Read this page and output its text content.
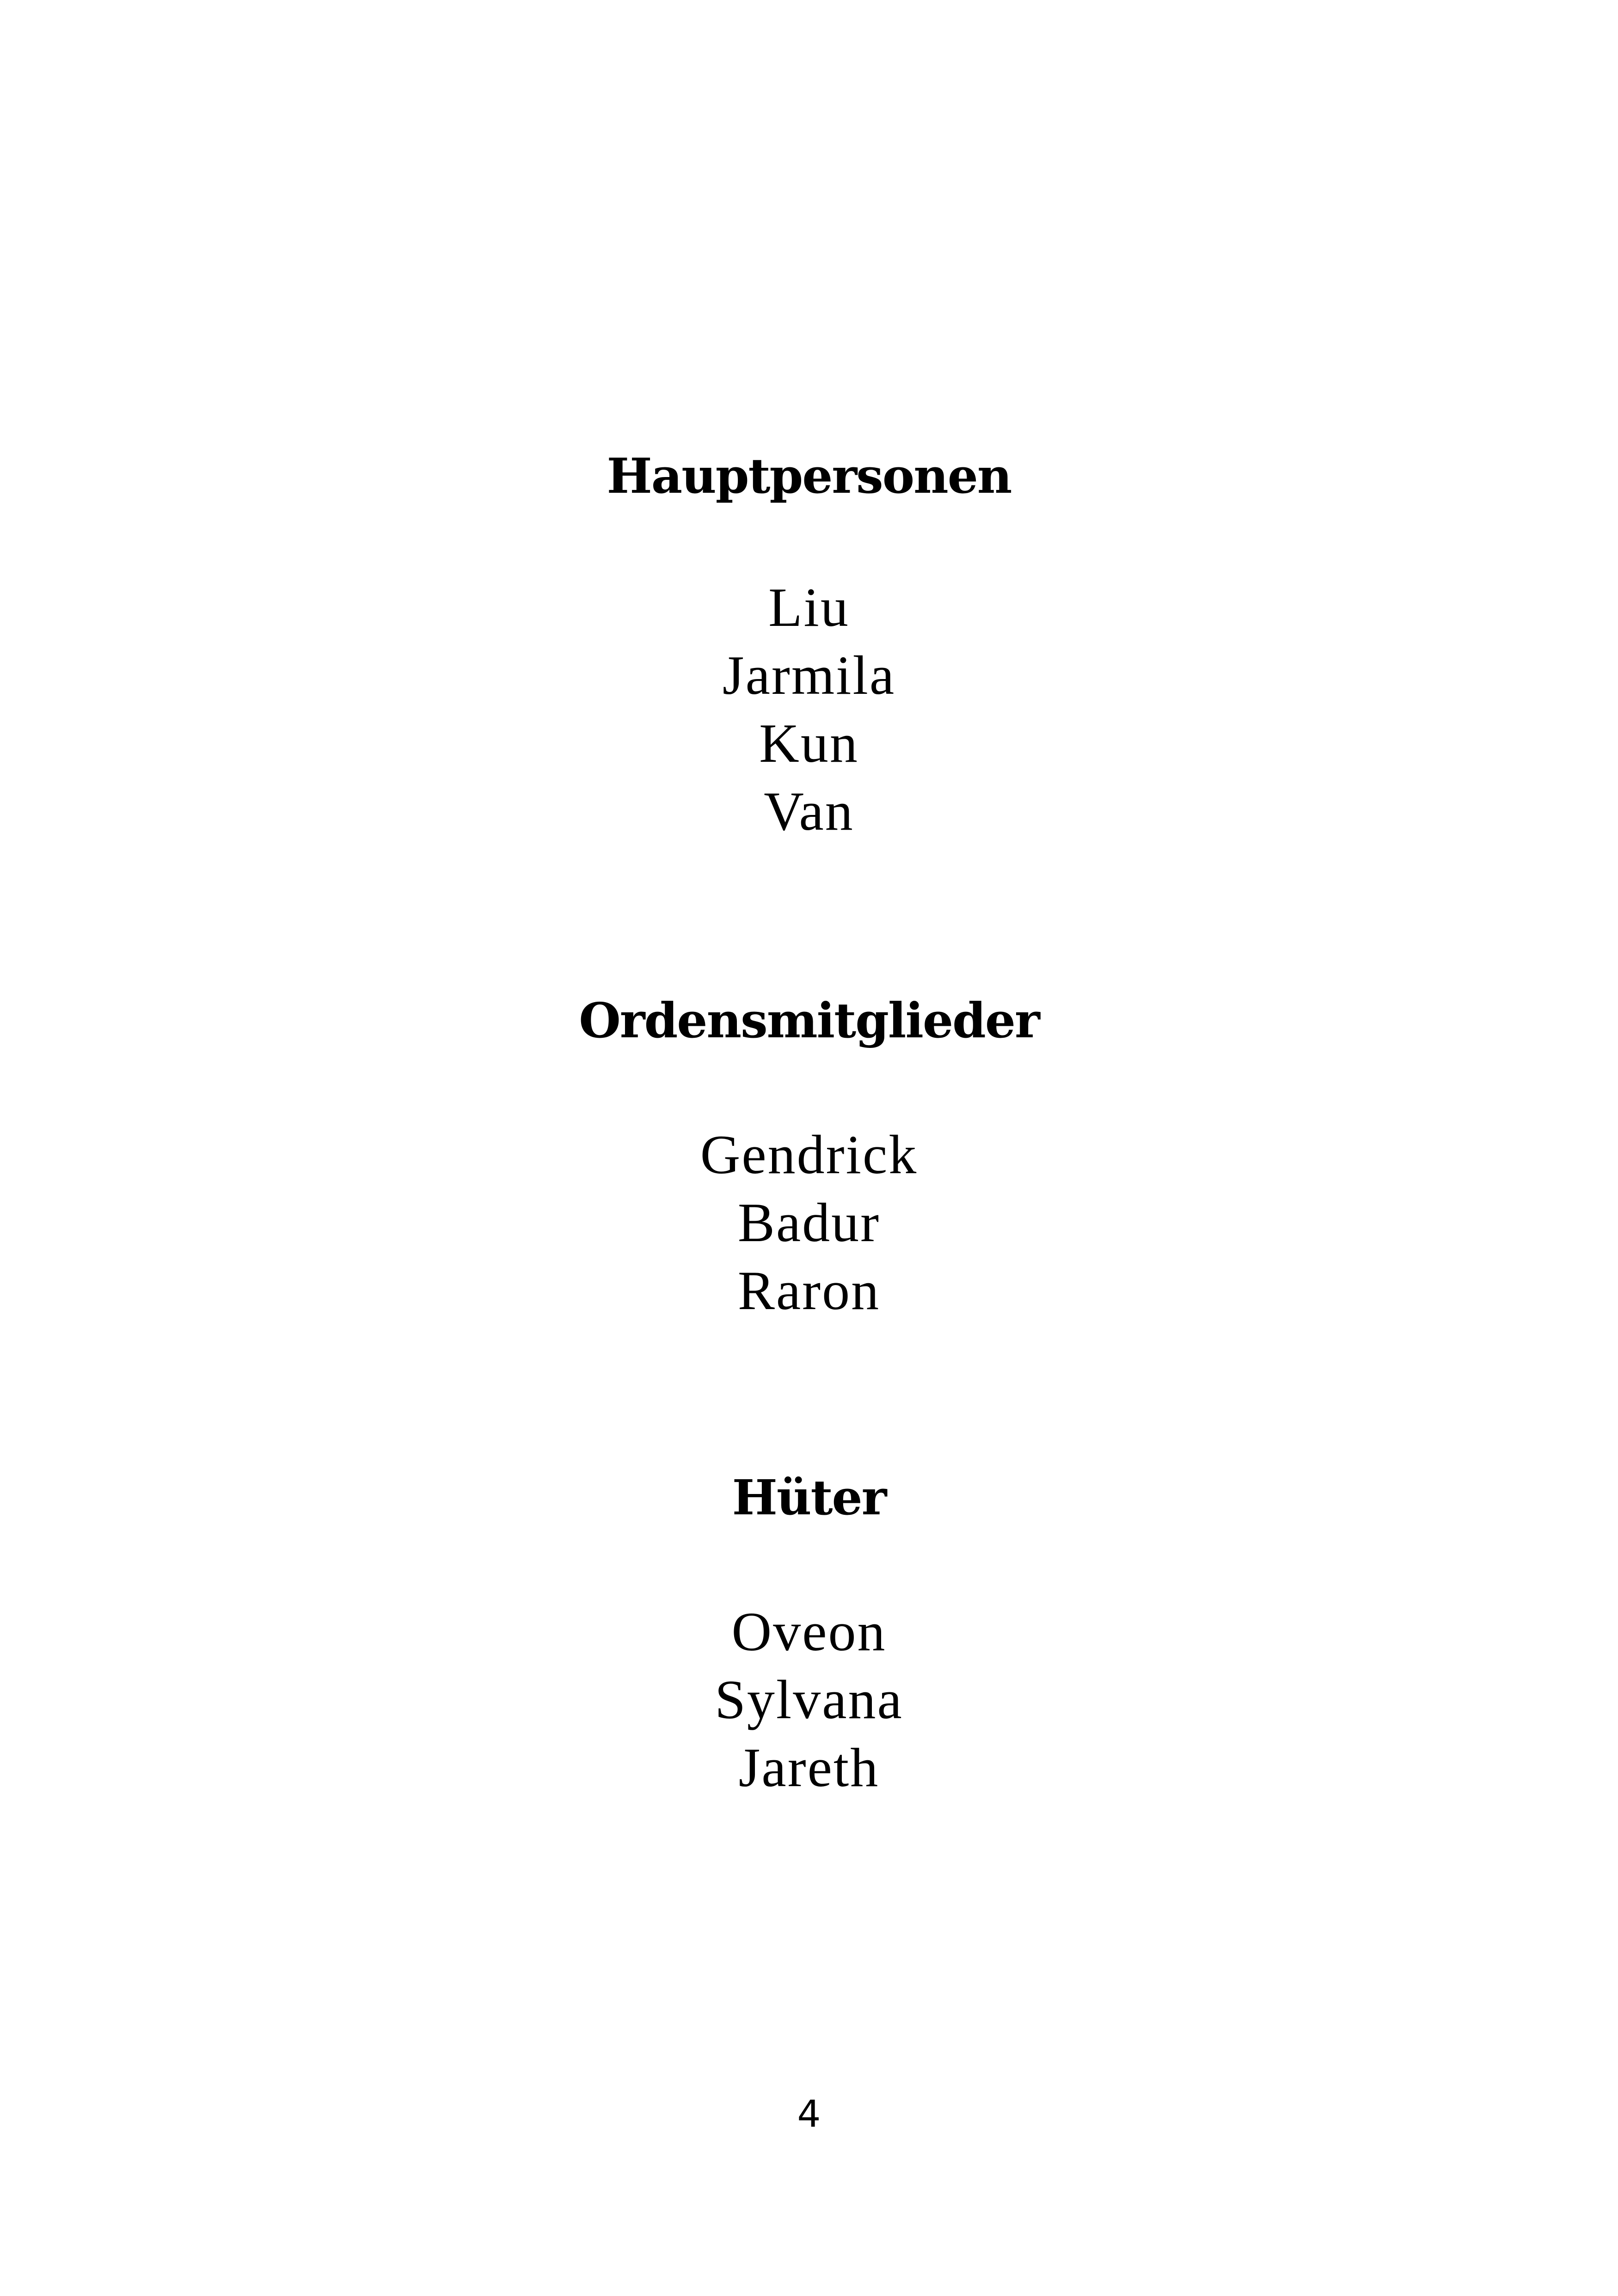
Hauptpersonen
Liu
Jarmila
Kun
Van
Ordensmitglieder
Gendrick
Badur
Raron
Hüter
Oveon
Sylvana
Jareth
4
